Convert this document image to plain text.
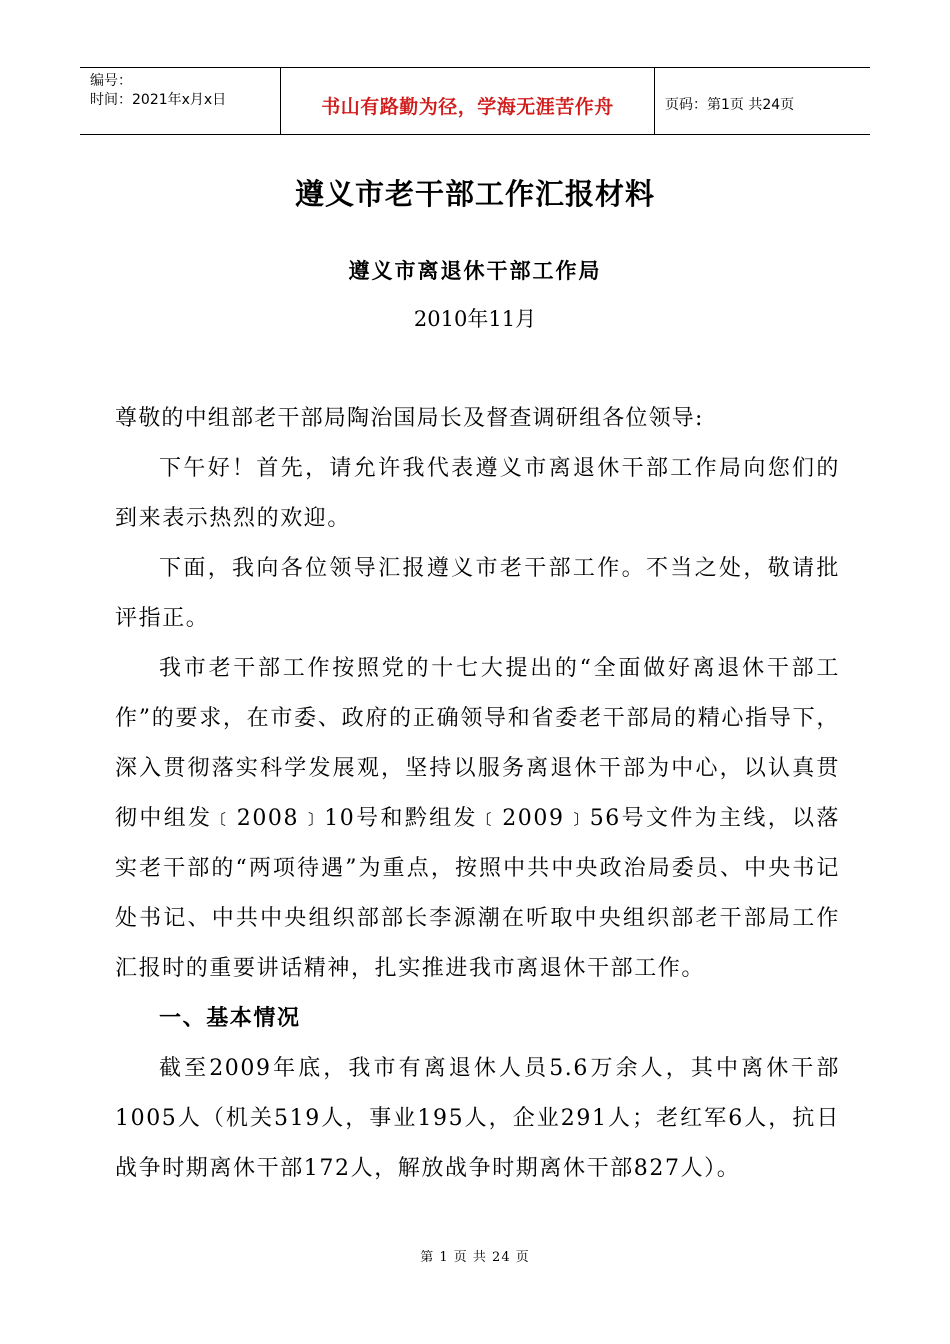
编号：
时间：2021年x月x日	书山有路勤为径，学海无涯苦作舟	页码：第1页 共24页
遵义市老干部工作汇报材料
遵义市离退休干部工作局
2010年11月
尊敬的中组部老干部局陶治国局长及督查调研组各位领导:

下午好！首先，请允许我代表遵义市离退休干部工作局向您们的到来表示热烈的欢迎。

下面，我向各位领导汇报遵义市老干部工作。不当之处，敬请批评指正。

我市老干部工作按照党的十七大提出的“全面做好离退休干部工作”的要求，在市委、政府的正确领导和省委老干部局的精心指导下，深入贯彻落实科学发展观，坚持以服务离退休干部为中心，以认真贯彻中组发﹝2008﹞10号和黔组发﹝2009﹞56号文件为主线，以落实老干部的“两项待遇”为重点，按照中共中央政治局委员、中央书记处书记、中共中央组织部部长李源潮在听取中央组织部老干部局工作汇报时的重要讲话精神，扎实推进我市离退休干部工作。

一、基本情况

截至2009年底，我市有离退休人员5.6万余人，其中离休干部1005人（机关519人，事业195人，企业291人；老红军6人，抗日战争时期离休干部172人，解放战争时期离休干部827人）。

第 1 页 共 24 页
